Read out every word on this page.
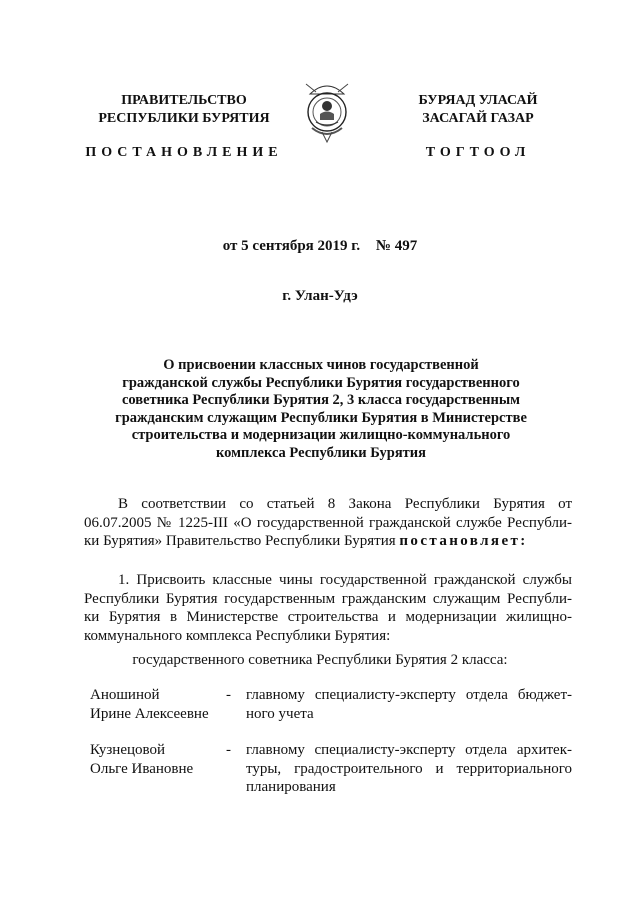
ПРАВИТЕЛЬСТВО
РЕСПУБЛИКИ БУРЯТИЯ
ПОСТАНОВЛЕНИЕ
БУРЯАД УЛАСАЙ
ЗАСАГАЙ ГАЗАР
ТОГТООЛ
от 5 сентября 2019 г. № 497
г. Улан-Удэ
О присвоении классных чинов государственной
гражданской службы Республики Бурятия государственного
советника Республики Бурятия 2, 3 класса государственным
гражданским служащим Республики Бурятия в Министерстве
строительства и модернизации жилищно-коммунального
комплекса Республики Бурятия
В соответствии со статьей 8 Закона Республики Бурятия от
06.07.2005 № 1225-III «О государственной гражданской службе Республи-
ки Бурятия» Правительство Республики Бурятия постановляет:
1. Присвоить классные чины государственной гражданской службы
Республики Бурятия государственным гражданским служащим Республи-
ки Бурятия в Министерстве строительства и модернизации жилищно-
коммунального комплекса Республики Бурятия:
государственного советника Республики Бурятия 2 класса:
Аношиной
Ирине Алексеевне
- главному специалисту-эксперту отдела бюджет-
ного учета
Кузнецовой
Ольге Ивановне
- главному специалисту-эксперту отдела архитек-
туры, градостроительного и территориального
планирования
